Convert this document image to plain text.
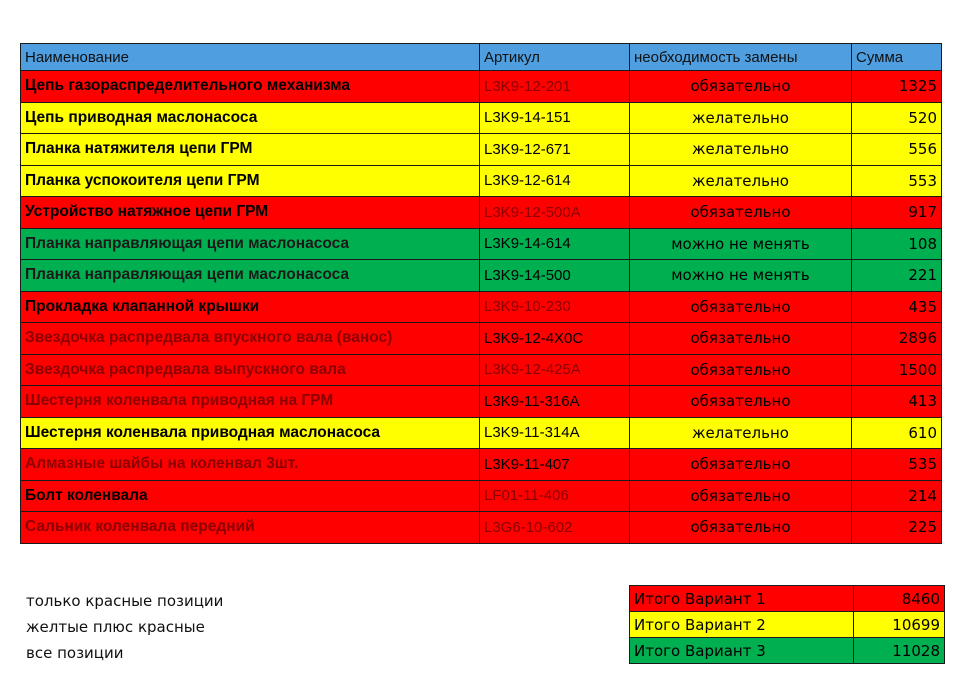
Наименование	Артикул	необходимость замены	Сумма
Цепь газораспределительного механизма	L3K9-12-201	обязательно	1325
Цепь приводная маслонасоса	L3K9-14-151	желательно	520
Планка натяжителя цепи ГРМ	L3K9-12-671	желательно	556
Планка успокоителя цепи ГРМ	L3K9-12-614	желательно	553
Устройство натяжное цепи ГРМ	L3K9-12-500A	обязательно	917
Планка направляющая цепи маслонасоса	L3K9-14-614	можно не менять	108
Планка направляющая цепи маслонасоса	L3K9-14-500	можно не менять	221
Прокладка клапанной крышки	L3K9-10-230	обязательно	435
Звездочка распредвала впускного вала (ванос)	L3K9-12-4X0C	обязательно	2896
Звездочка распредвала выпускного вала	L3K9-12-425A	обязательно	1500
Шестерня коленвала приводная на ГРМ	L3K9-11-316A	обязательно	413
Шестерня коленвала приводная маслонасоса	L3K9-11-314A	желательно	610
Алмазные шайбы на коленвал 3шт.	L3K9-11-407	обязательно	535
Болт коленвала	LF01-11-406	обязательно	214
Сальник коленвала передний	L3G6-10-602	обязательно	225
только красные позиции
желтые плюс красные
все позиции
Итого Вариант 1	8460
Итого Вариант 2	10699
Итого Вариант 3	11028
